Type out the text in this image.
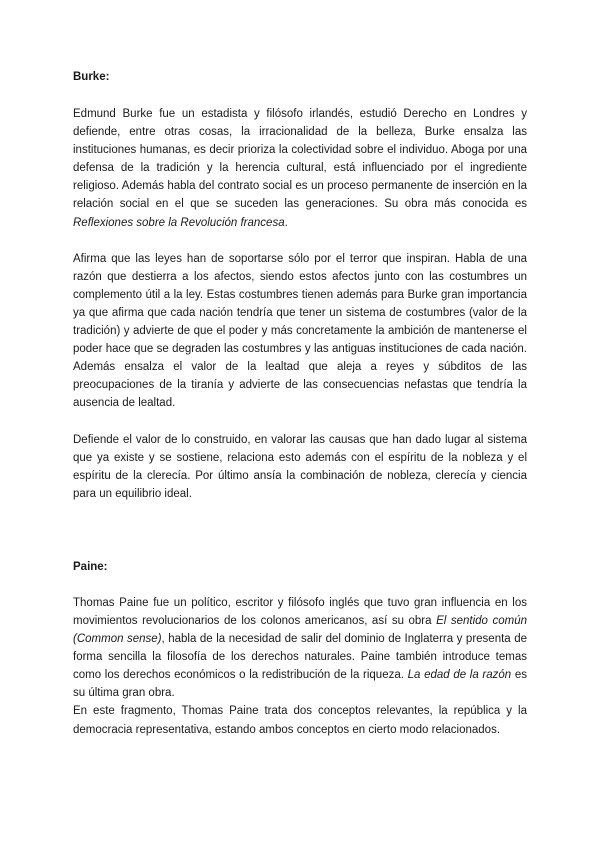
Burke:

Edmund Burke fue un estadista y filósofo irlandés, estudió Derecho en Londres y defiende, entre otras cosas, la irracionalidad de la belleza, Burke ensalza las instituciones humanas, es decir prioriza la colectividad sobre el individuo. Aboga por una defensa de la tradición y la herencia cultural, está influenciado por el ingrediente religioso. Además habla del contrato social es un proceso permanente de inserción en la relación social en el que se suceden las generaciones. Su obra más conocida es Reflexiones sobre la Revolución francesa.

Afirma que las leyes han de soportarse sólo por el terror que inspiran. Habla de una razón que destierra a los afectos, siendo estos afectos junto con las costumbres un complemento útil a la ley. Estas costumbres tienen además para Burke gran importancia ya que afirma que cada nación tendría que tener un sistema de costumbres (valor de la tradición) y advierte de que el poder y más concretamente la ambición de mantenerse el poder hace que se degraden las costumbres y las antiguas instituciones de cada nación. Además ensalza el valor de la lealtad que aleja a reyes y súbditos de las preocupaciones de la tiranía y advierte de las consecuencias nefastas que tendría la ausencia de lealtad.

Defiende el valor de lo construido, en valorar las causas que han dado lugar al sistema que ya existe y se sostiene, relaciona esto además con el espíritu de la nobleza y el espíritu de la clerecía. Por último ansía la combinación de nobleza, clerecía y ciencia para un equilibrio ideal.

Paine:

Thomas Paine fue un político, escritor y filósofo inglés que tuvo gran influencia en los movimientos revolucionarios de los colonos americanos, así su obra El sentido común (Common sense), habla de la necesidad de salir del dominio de Inglaterra y presenta de forma sencilla la filosofía de los derechos naturales. Paine también introduce temas como los derechos económicos o la redistribución de la riqueza. La edad de la razón es su última gran obra.

En este fragmento, Thomas Paine trata dos conceptos relevantes, la república y la democracia representativa, estando ambos conceptos en cierto modo relacionados.
